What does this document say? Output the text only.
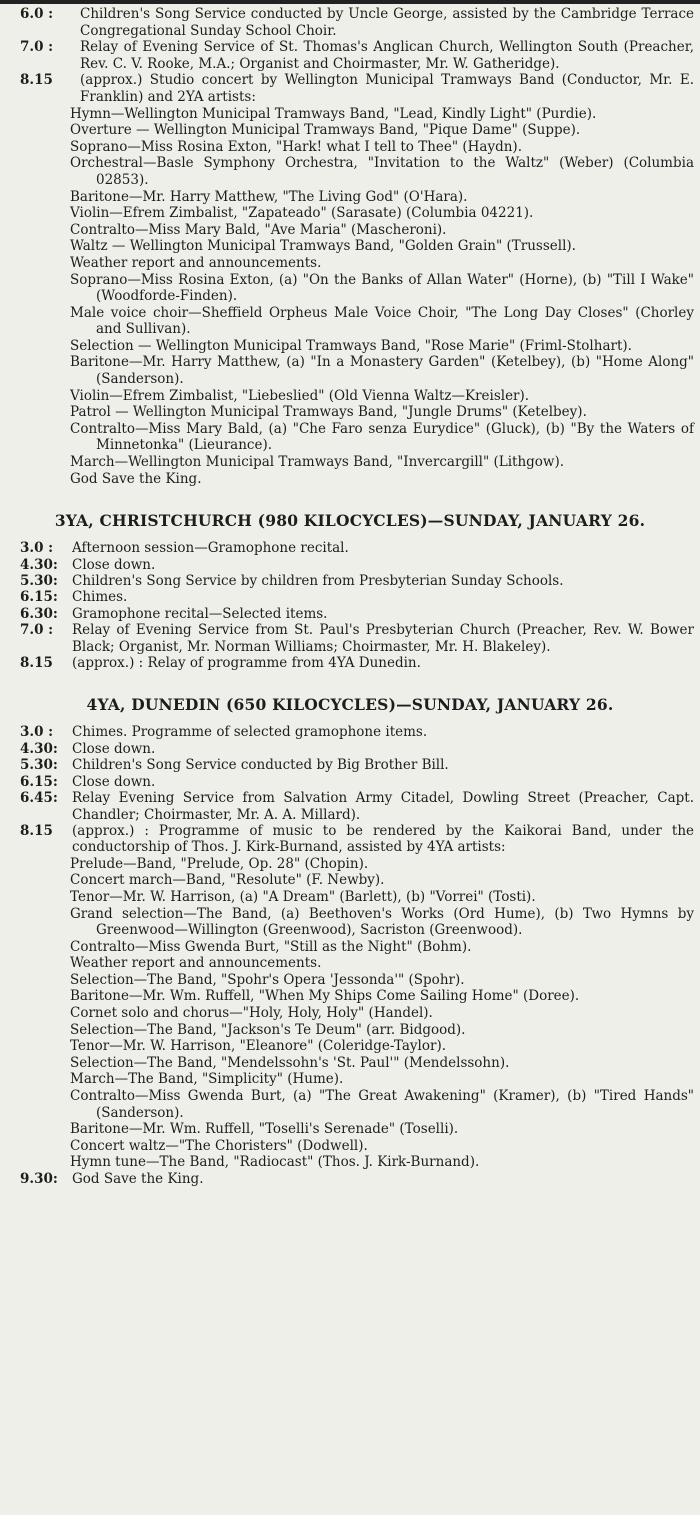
6.0 :	Children's Song Service conducted by Uncle George, assisted by the Cambridge Terrace Congregational Sunday School Choir.
7.0 :	Relay of Evening Service of St. Thomas's Anglican Church, Wellington South (Preacher, Rev. C. V. Rooke, M.A.; Organist and Choirmaster, Mr. W. Gatheridge).
8.15	(approx.) Studio concert by Wellington Municipal Tramways Band (Conductor, Mr. E. Franklin) and 2YA artists:
Hymn—Wellington Municipal Tramways Band, "Lead, Kindly Light" (Purdie).
Overture — Wellington Municipal Tramways Band, "Pique Dame" (Suppe).
Soprano—Miss Rosina Exton, "Hark! what I tell to Thee" (Haydn).
Orchestral—Basle Symphony Orchestra, "Invitation to the Waltz" (Weber) (Columbia 02853).
Baritone—Mr. Harry Matthew, "The Living God" (O'Hara).
Violin—Efrem Zimbalist, "Zapateado" (Sarasate) (Columbia 04221).
Contralto—Miss Mary Bald, "Ave Maria" (Mascheroni).
Waltz — Wellington Municipal Tramways Band, "Golden Grain" (Trussell).
Weather report and announcements.
Soprano—Miss Rosina Exton, (a) "On the Banks of Allan Water" (Horne), (b) "Till I Wake" (Woodforde-Finden).
Male voice choir—Sheffield Orpheus Male Voice Choir, "The Long Day Closes" (Chorley and Sullivan).
Selection — Wellington Municipal Tramways Band, "Rose Marie" (Friml-Stolhart).
Baritone—Mr. Harry Matthew, (a) "In a Monastery Garden" (Ketelbey), (b) "Home Along" (Sanderson).
Violin—Efrem Zimbalist, "Liebeslied" (Old Vienna Waltz—Kreisler).
Patrol — Wellington Municipal Tramways Band, "Jungle Drums" (Ketelbey).
Contralto—Miss Mary Bald, (a) "Che Faro senza Eurydice" (Gluck), (b) "By the Waters of Minnetonka" (Lieurance).
March—Wellington Municipal Tramways Band, "Invercargill" (Lithgow).
God Save the King.
3YA, CHRISTCHURCH (980 KILOCYCLES)—SUNDAY, JANUARY 26.
3.0 :	Afternoon session—Gramophone recital.
4.30:	Close down.
5.30:	Children's Song Service by children from Presbyterian Sunday Schools.
6.15:	Chimes.
6.30:	Gramophone recital—Selected items.
7.0 :	Relay of Evening Service from St. Paul's Presbyterian Church (Preacher, Rev. W. Bower Black; Organist, Mr. Norman Williams; Choirmaster, Mr. H. Blakeley).
8.15	(approx.) : Relay of programme from 4YA Dunedin.
4YA, DUNEDIN (650 KILOCYCLES)—SUNDAY, JANUARY 26.
3.0 :	Chimes. Programme of selected gramophone items.
4.30:	Close down.
5.30:	Children's Song Service conducted by Big Brother Bill.
6.15:	Close down.
6.45:	Relay Evening Service from Salvation Army Citadel, Dowling Street (Preacher, Capt. Chandler; Choirmaster, Mr. A. A. Millard).
8.15	(approx.) : Programme of music to be rendered by the Kaikorai Band, under the conductorship of Thos. J. Kirk-Burnand, assisted by 4YA artists:
Prelude—Band, "Prelude, Op. 28" (Chopin).
Concert march—Band, "Resolute" (F. Newby).
Tenor—Mr. W. Harrison, (a) "A Dream" (Barlett), (b) "Vorrei" (Tosti).
Grand selection—The Band, (a) Beethoven's Works (Ord Hume), (b) Two Hymns by Greenwood—Willington (Greenwood), Sacriston (Greenwood).
Contralto—Miss Gwenda Burt, "Still as the Night" (Bohm).
Weather report and announcements.
Selection—The Band, "Spohr's Opera 'Jessonda'" (Spohr).
Baritone—Mr. Wm. Ruffell, "When My Ships Come Sailing Home" (Doree).
Cornet solo and chorus—"Holy, Holy, Holy" (Handel).
Selection—The Band, "Jackson's Te Deum" (arr. Bidgood).
Tenor—Mr. W. Harrison, "Eleanore" (Coleridge-Taylor).
Selection—The Band, "Mendelssohn's 'St. Paul'" (Mendelssohn).
March—The Band, "Simplicity" (Hume).
Contralto—Miss Gwenda Burt, (a) "The Great Awakening" (Kramer), (b) "Tired Hands" (Sanderson).
Baritone—Mr. Wm. Ruffell, "Toselli's Serenade" (Toselli).
Concert waltz—"The Choristers" (Dodwell).
Hymn tune—The Band, "Radiocast" (Thos. J. Kirk-Burnand).
9.30:	God Save the King.
